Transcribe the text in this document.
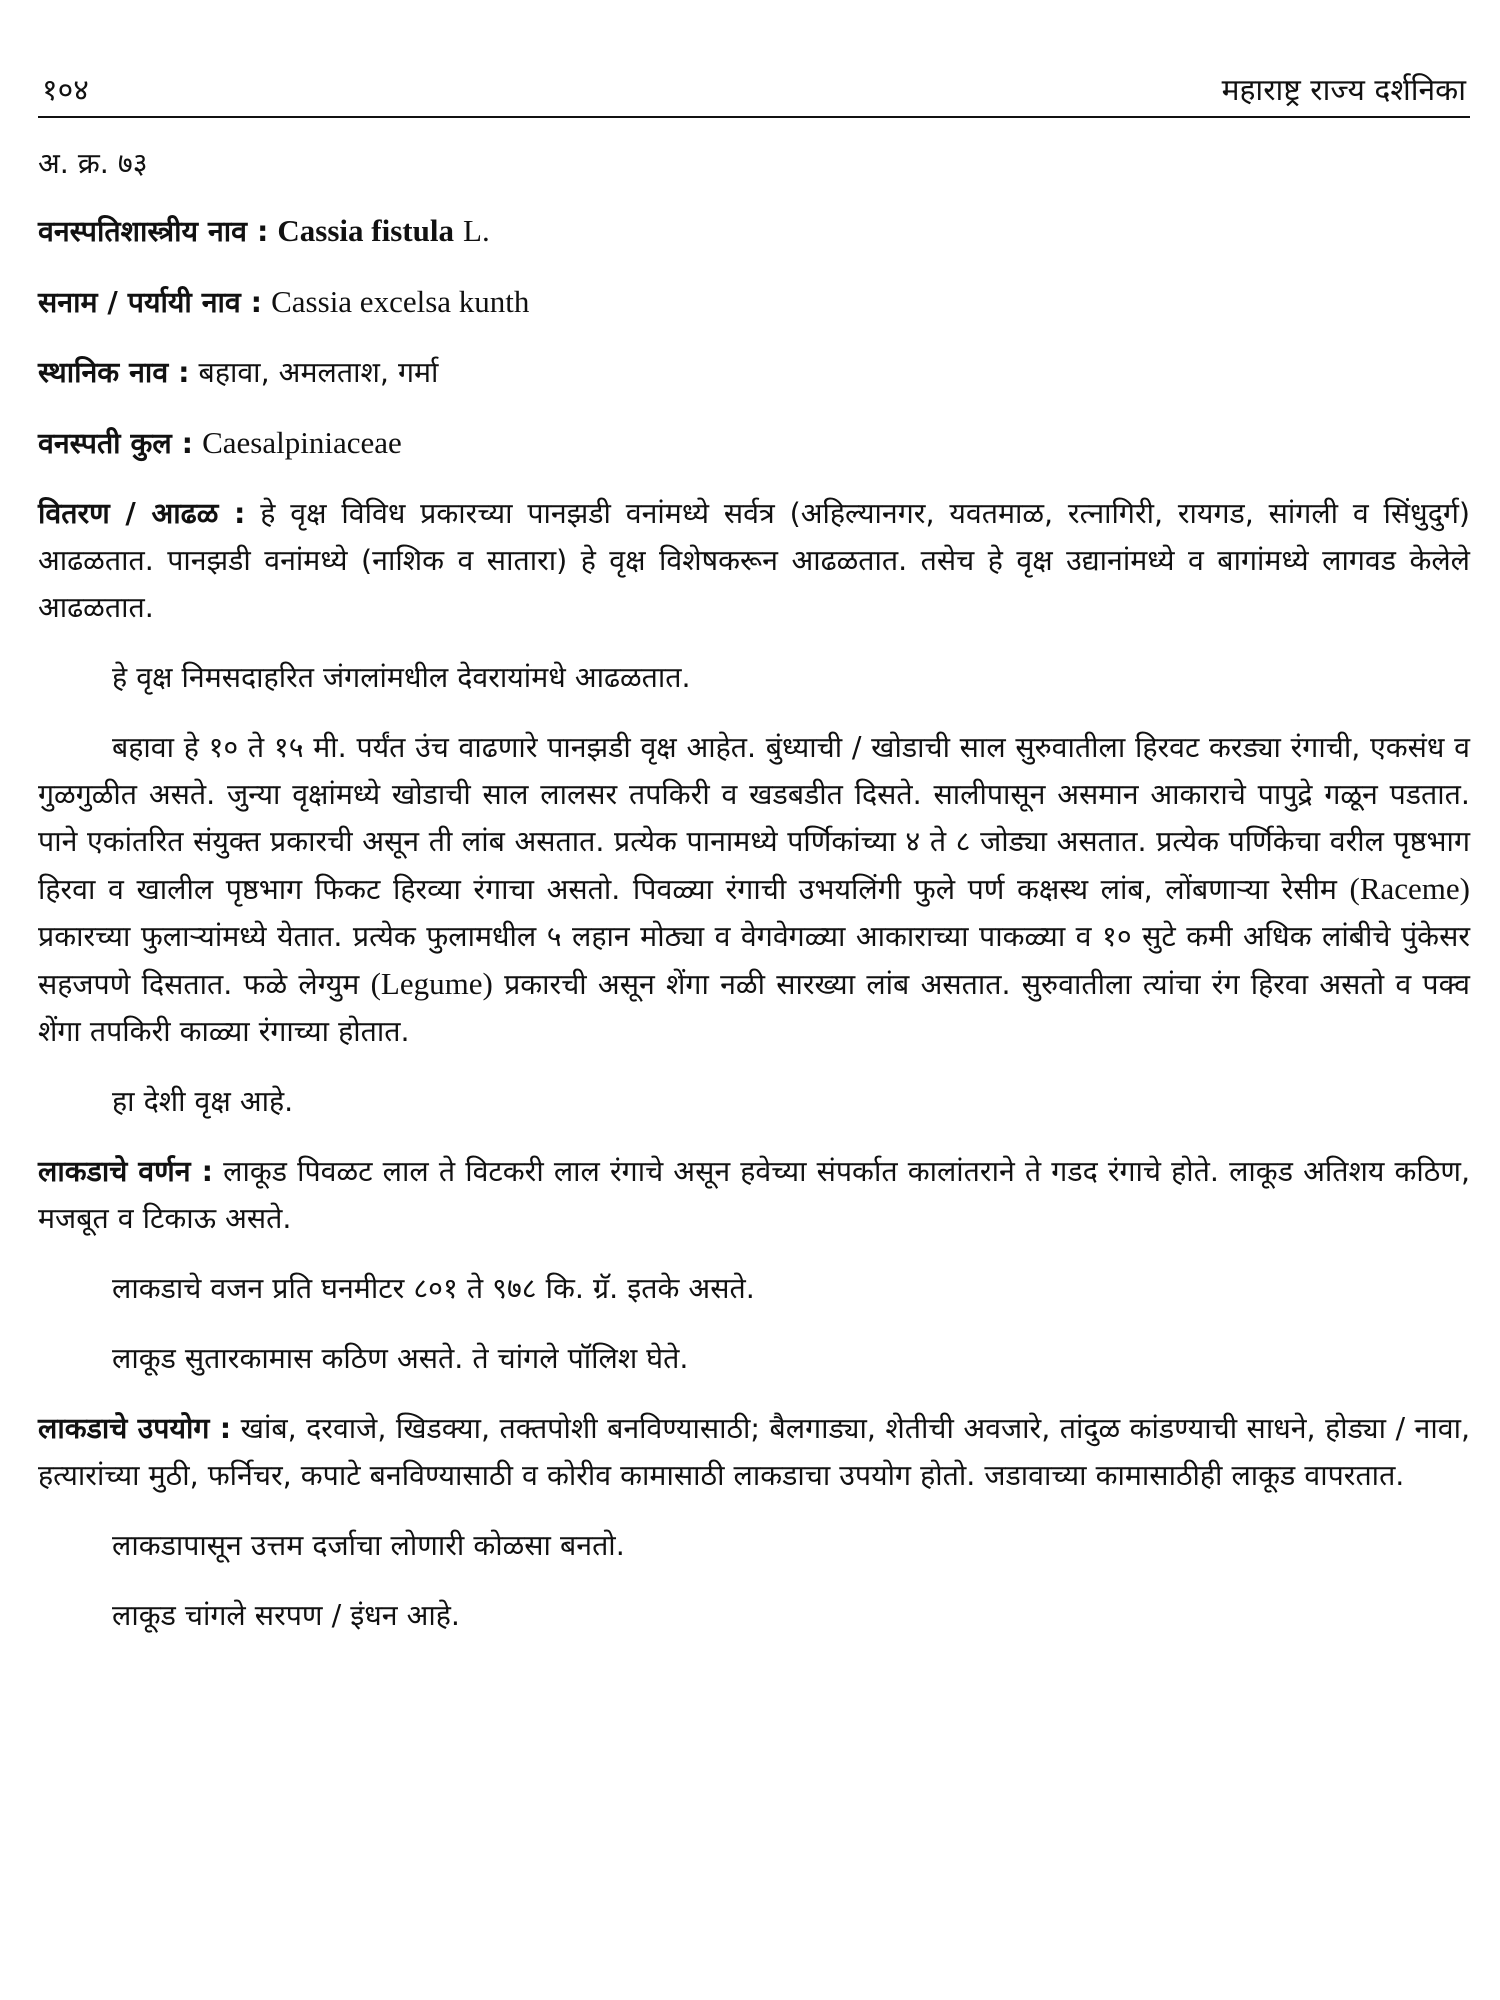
१०४	महाराष्ट्र राज्य दर्शनिका

अ. क्र. ७३

वनस्पतिशास्त्रीय नाव : Cassia fistula L.

सनाम / पर्यायी नाव : Cassia excelsa kunth

स्थानिक नाव : बहावा, अमलताश, गर्मा

वनस्पती कुल : Caesalpiniaceae

वितरण / आढळ : हे वृक्ष विविध प्रकारच्या पानझडी वनांमध्ये सर्वत्र (अहिल्यानगर, यवतमाळ, रत्नागिरी, रायगड, सांगली व सिंधुदुर्ग) आढळतात. पानझडी वनांमध्ये (नाशिक व सातारा) हे वृक्ष विशेषकरून आढळतात. तसेच हे वृक्ष उद्यानांमध्ये व बागांमध्ये लागवड केलेले आढळतात.

हे वृक्ष निमसदाहरित जंगलांमधील देवरायांमधे आढळतात.

बहावा हे १० ते १५ मी. पर्यंत उंच वाढणारे पानझडी वृक्ष आहेत. बुंध्याची / खोडाची साल सुरुवातीला हिरवट करड्या रंगाची, एकसंध व गुळगुळीत असते. जुन्या वृक्षांमध्ये खोडाची साल लालसर तपकिरी व खडबडीत दिसते. सालीपासून असमान आकाराचे पापुद्रे गळून पडतात. पाने एकांतरित संयुक्त प्रकारची असून ती लांब असतात. प्रत्येक पानामध्ये पर्णिकांच्या ४ ते ८ जोड्या असतात. प्रत्येक पर्णिकेचा वरील पृष्ठभाग हिरवा व खालील पृष्ठभाग फिकट हिरव्या रंगाचा असतो. पिवळ्या रंगाची उभयलिंगी फुले पर्ण कक्षस्थ लांब, लोंबणाऱ्या रेसीम (Raceme) प्रकारच्या फुलाऱ्यांमध्ये येतात. प्रत्येक फुलामधील ५ लहान मोठ्या व वेगवेगळ्या आकाराच्या पाकळ्या व १० सुटे कमी अधिक लांबीचे पुंकेसर सहजपणे दिसतात. फळे लेग्युम (Legume) प्रकारची असून शेंगा नळी सारख्या लांब असतात. सुरुवातीला त्यांचा रंग हिरवा असतो व पक्व शेंगा तपकिरी काळ्या रंगाच्या होतात.

हा देशी वृक्ष आहे.

लाकडाचे वर्णन : लाकूड पिवळट लाल ते विटकरी लाल रंगाचे असून हवेच्या संपर्कात कालांतराने ते गडद रंगाचे होते. लाकूड अतिशय कठिण, मजबूत व टिकाऊ असते.

लाकडाचे वजन प्रति घनमीटर ८०१ ते ९७८ कि. ग्रॅ. इतके असते.

लाकूड सुतारकामास कठिण असते. ते चांगले पॉलिश घेते.

लाकडाचे उपयोग : खांब, दरवाजे, खिडक्या, तक्तपोशी बनविण्यासाठी; बैलगाड्या, शेतीची अवजारे, तांदुळ कांडण्याची साधने, होड्या / नावा, हत्यारांच्या मुठी, फर्निचर, कपाटे बनविण्यासाठी व कोरीव कामासाठी लाकडाचा उपयोग होतो. जडावाच्या कामासाठीही लाकूड वापरतात.

लाकडापासून उत्तम दर्जाचा लोणारी कोळसा बनतो.

लाकूड चांगले सरपण / इंधन आहे.
